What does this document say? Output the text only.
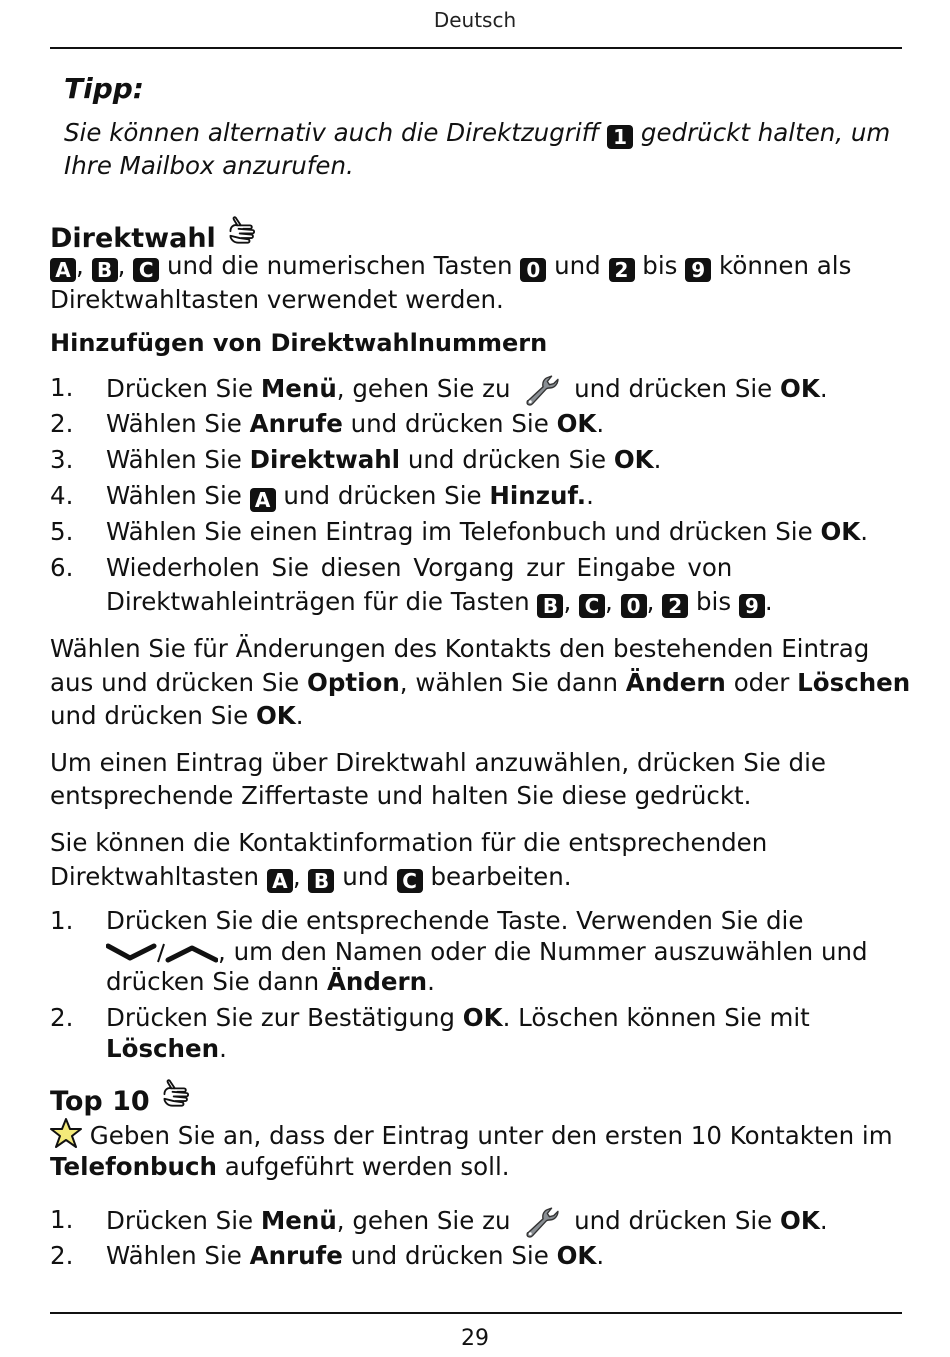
Deutsch
Tipp:
Sie können alternativ auch die Direktzugriff 1 gedrückt halten, um
Ihre Mailbox anzurufen.
Direktwahl
A , B , C und die numerischen Tasten 0 und 2 bis 9 können als
Direktwahltasten verwendet werden.
Hinzufügen von Direktwahlnummern
1. Drücken Sie Menü, gehen Sie zu	und drücken Sie OK.
2. Wählen Sie Anrufe und drücken Sie OK.
3. Wählen Sie Direktwahl und drücken Sie OK.
4. Wählen Sie A und drücken Sie Hinzuf..
5. Wählen Sie einen Eintrag im Telefonbuch und drücken Sie OK.
6. Wiederholen Sie diesen Vorgang zur Eingabe von
Direktwahleinträgen für die Tasten B , C , 0 , 2 bis 9 .
Wählen Sie für Änderungen des Kontakts den bestehenden Eintrag
aus und drücken Sie Option, wählen Sie dann Ändern oder Löschen
und drücken Sie OK.
Um einen Eintrag über Direktwahl anzuwählen, drücken Sie die
entsprechende Ziffertaste und halten Sie diese gedrückt.
Sie können die Kontaktinformation für die entsprechenden
Direktwahltasten A , B und C bearbeiten.
1. Drücken Sie die entsprechende Taste. Verwenden Sie die
, um den Namen oder die Nummer auszuwählen und
drücken Sie dann Ändern.
2. Drücken Sie zur Bestätigung OK. Löschen können Sie mit
Löschen.
Top 10
Geben Sie an, dass der Eintrag unter den ersten 10 Kontakten im
Telefonbuch aufgeführt werden soll.
1. Drücken Sie Menü, gehen Sie zu	und drücken Sie OK.
2. Wählen Sie Anrufe und drücken Sie OK.
29
